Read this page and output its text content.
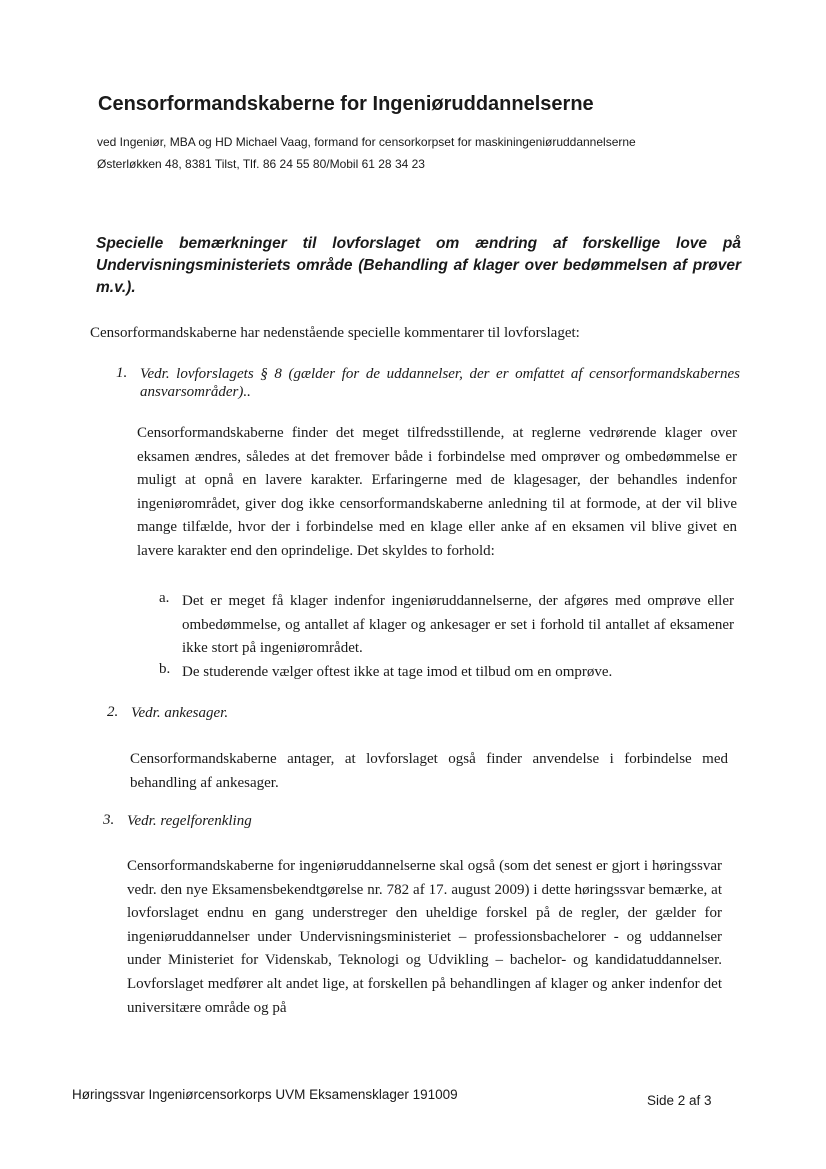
Censorformandskaberne for Ingeniøruddannelserne
ved Ingeniør, MBA og HD Michael Vaag, formand for censorkorpset for maskiningeniøruddannelserne
Østerløkken 48, 8381 Tilst, Tlf. 86 24 55 80/Mobil 61 28 34 23
Specielle bemærkninger til lovforslaget om ændring af forskellige love på Undervisningsministeriets område (Behandling af klager over bedømmelsen af prøver m.v.).
Censorformandskaberne har nedenstående specielle kommentarer til lovforslaget:
1. Vedr. lovforslagets § 8 (gælder for de uddannelser, der er omfattet af censorformandskabernes ansvarsområder)..
Censorformandskaberne finder det meget tilfredsstillende, at reglerne vedrørende klager over eksamen ændres, således at det fremover både i forbindelse med omprøver og ombedømmelse er muligt at opnå en lavere karakter. Erfaringerne med de klagesager, der behandles indenfor ingeniørområdet, giver dog ikke censorformandskaberne anledning til at formode, at der vil blive mange tilfælde, hvor der i forbindelse med en klage eller anke af en eksamen vil blive givet en lavere karakter end den oprindelige. Det skyldes to forhold:
a. Det er meget få klager indenfor ingeniøruddannelserne, der afgøres med omprøve eller ombedømmelse, og antallet af klager og ankesager er set i forhold til antallet af eksamener ikke stort på ingeniørområdet.
b. De studerende vælger oftest ikke at tage imod et tilbud om en omprøve.
2. Vedr. ankesager.
Censorformandskaberne antager, at lovforslaget også finder anvendelse i forbindelse med behandling af ankesager.
3. Vedr. regelforenkling
Censorformandskaberne for ingeniøruddannelserne skal også (som det senest er gjort i høringssvar vedr. den nye Eksamensbekendtgørelse nr. 782 af 17. august 2009) i dette høringssvar bemærke, at lovforslaget endnu en gang understreger den uheldige forskel på de regler, der gælder for ingeniøruddannelser under Undervisningsministeriet – professionsbachelorer - og uddannelser under Ministeriet for Videnskab, Teknologi og Udvikling – bachelor- og kandidatuddannelser. Lovforslaget medfører alt andet lige, at forskellen på behandlingen af klager og anker indenfor det universitære område og på
Høringssvar Ingeniørcensorkorps UVM Eksamensklager 191009	Side 2 af 3
